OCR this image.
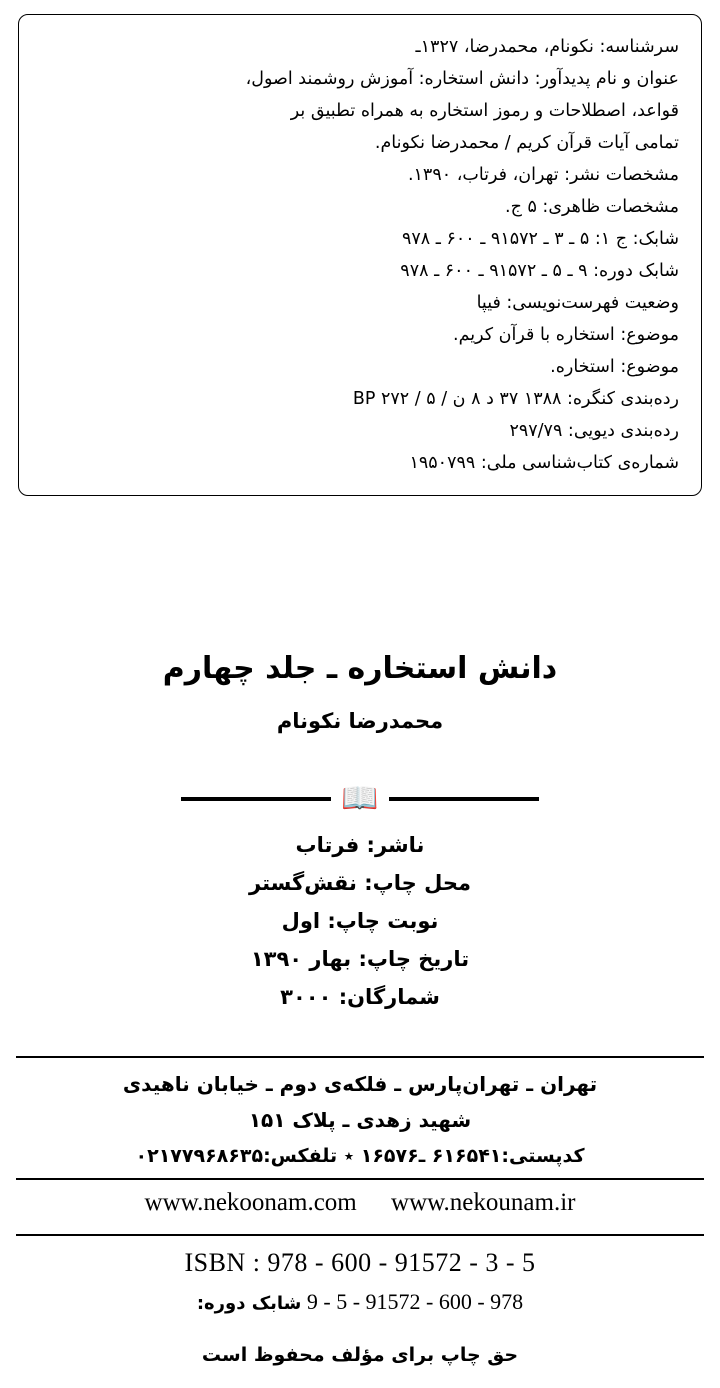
سرشناسه: نکونام، محمدرضا، ۱۳۲۷ـ
عنوان و نام پدیدآور: دانش استخاره: آموزش روشمند اصول،
قواعد، اصطلاحات و رموز استخاره به همراه تطبیق بر
تمامی آیات قرآن کریم / محمدرضا نکونام.
مشخصات نشر: تهران، فرتاب، ۱۳۹۰.
مشخصات ظاهری: ۵ ج.
شابک: ج ۱: ۵ ـ ۳ ـ ۹۱۵۷۲ ـ ۶۰۰ ـ ۹۷۸
شابک دوره: ۹ ـ ۵ ـ ۹۱۵۷۲ ـ ۶۰۰ ـ ۹۷۸
وضعیت فهرست‌نویسی: فیپا
موضوع: استخاره با قرآن کریم.
موضوع: استخاره.
رده‌بندی کنگره: ۱۳۸۸ ۳۷ د ۸ ن / ۵ / BP ۲۷۲
رده‌بندی دیویی: ۲۹۷/۷۹
شماره‌ی کتاب‌شناسی ملی: ۱۹۵۰۷۹۹
دانش استخاره ـ جلد چهارم
محمدرضا نکونام
📖
ناشر: فرتاب
محل چاپ: نقش‌گستر
نوبت چاپ: اول
تاریخ چاپ: بهار ۱۳۹۰
شمارگان: ۳۰۰۰
تهران ـ تهران‌پارس ـ فلکه‌ی دوم ـ خیابان ناهیدی
شهید زهدی ـ پلاک ۱۵۱
کدپستی:۶۱۶۵۴۱ ـ۱۶۵۷۶ ٭ تلفکس:۰۲۱۷۷۹۶۸۶۳۵
www.nekoonam.com www.nekounam.ir
ISBN : 978 - 600 - 91572 - 3 - 5
978 - 600 - 91572 - 5 - 9 شابک دوره:
حق چاپ برای مؤلف محفوظ است
